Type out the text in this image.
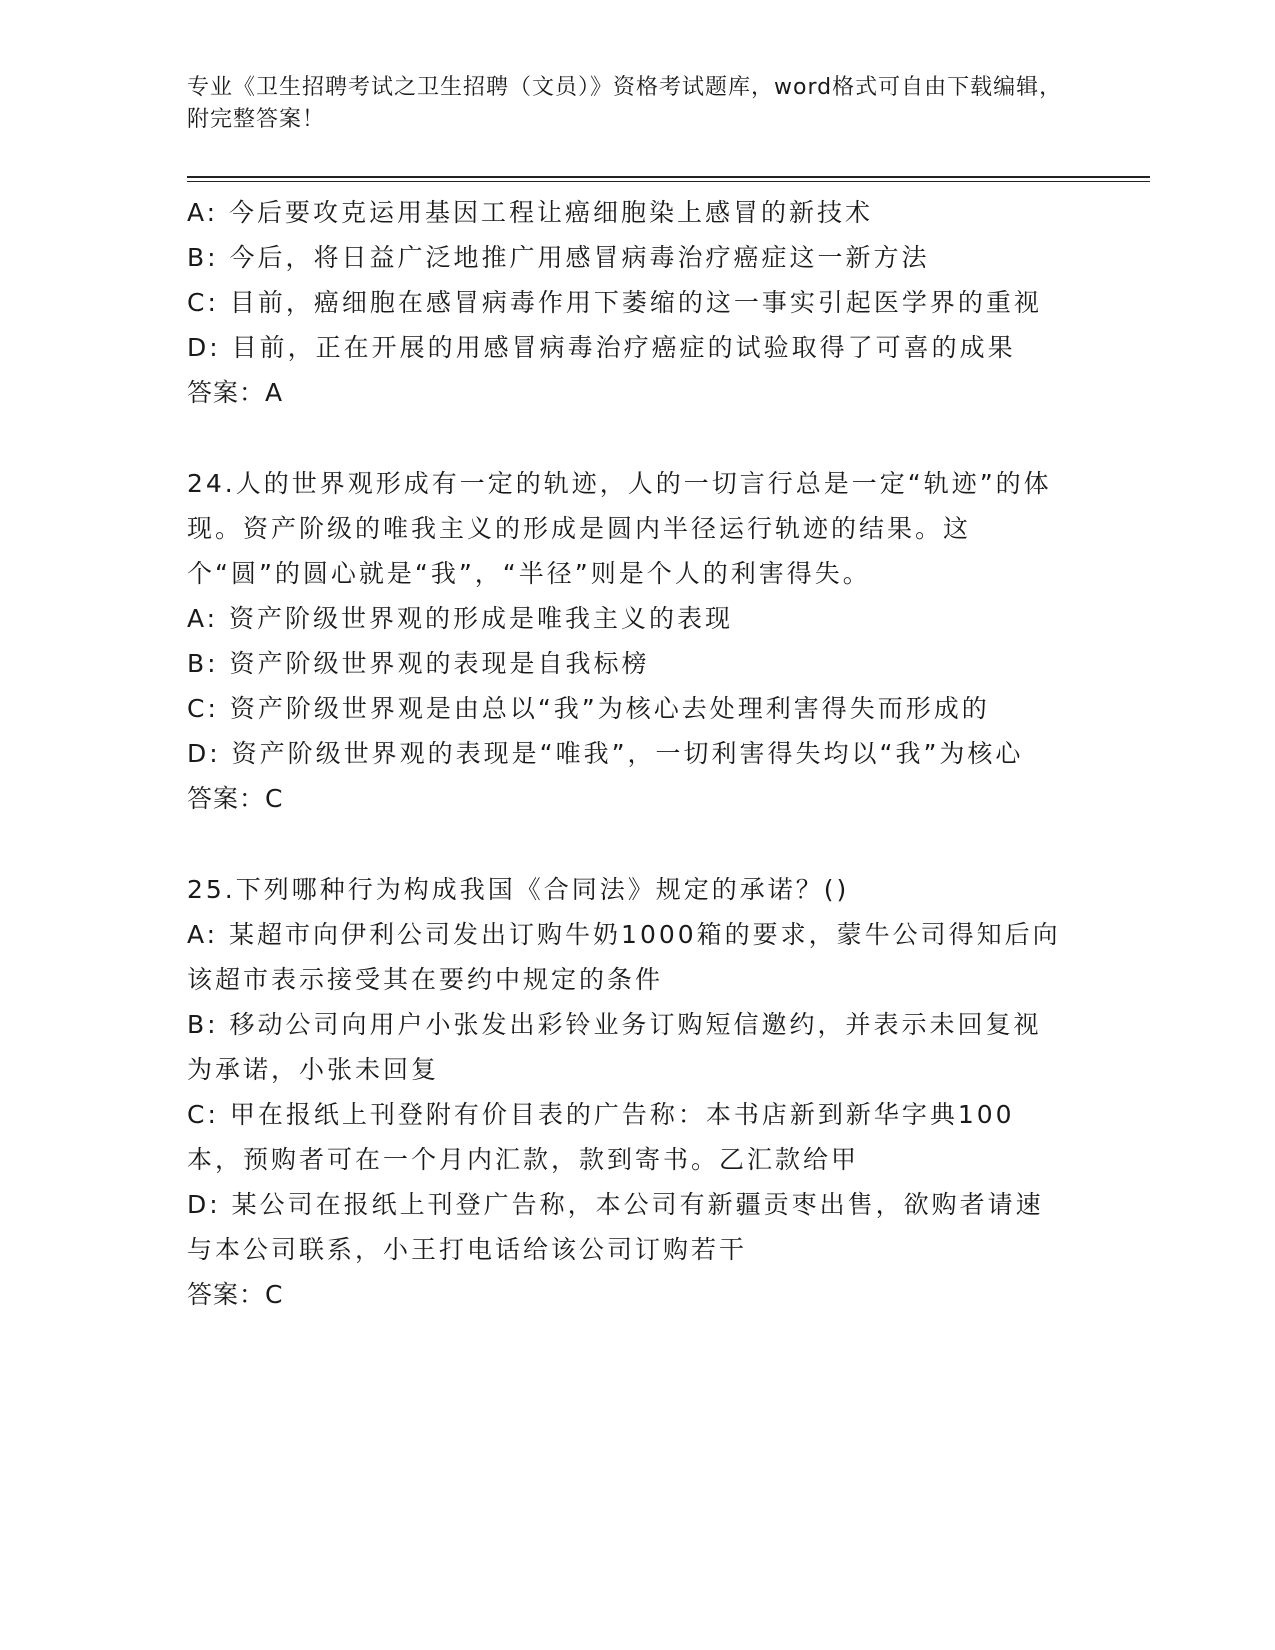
专业《卫生招聘考试之卫生招聘（文员）》资格考试题库，word格式可自由下载编辑，附完整答案！
A: 今后要攻克运用基因工程让癌细胞染上感冒的新技术
B: 今后，将日益广泛地推广用感冒病毒治疗癌症这一新方法
C: 目前，癌细胞在感冒病毒作用下萎缩的这一事实引起医学界的重视
D: 目前，正在开展的用感冒病毒治疗癌症的试验取得了可喜的成果
答案：A
24.人的世界观形成有一定的轨迹，人的一切言行总是一定“轨迹”的体现。资产阶级的唯我主义的形成是圆内半径运行轨迹的结果。这个“圆”的圆心就是“我”，“半径”则是个人的利害得失。
A: 资产阶级世界观的形成是唯我主义的表现
B: 资产阶级世界观的表现是自我标榜
C: 资产阶级世界观是由总以“我”为核心去处理利害得失而形成的
D: 资产阶级世界观的表现是“唯我”，一切利害得失均以“我”为核心
答案：C
25.下列哪种行为构成我国《合同法》规定的承诺？()
A: 某超市向伊利公司发出订购牛奶1000箱的要求，蒙牛公司得知后向该超市表示接受其在要约中规定的条件
B: 移动公司向用户小张发出彩铃业务订购短信邀约，并表示未回复视为承诺，小张未回复
C: 甲在报纸上刊登附有价目表的广告称：本书店新到新华字典100本，预购者可在一个月内汇款，款到寄书。乙汇款给甲
D: 某公司在报纸上刊登广告称，本公司有新疆贡枣出售，欲购者请速与本公司联系，小王打电话给该公司订购若干
答案：C
